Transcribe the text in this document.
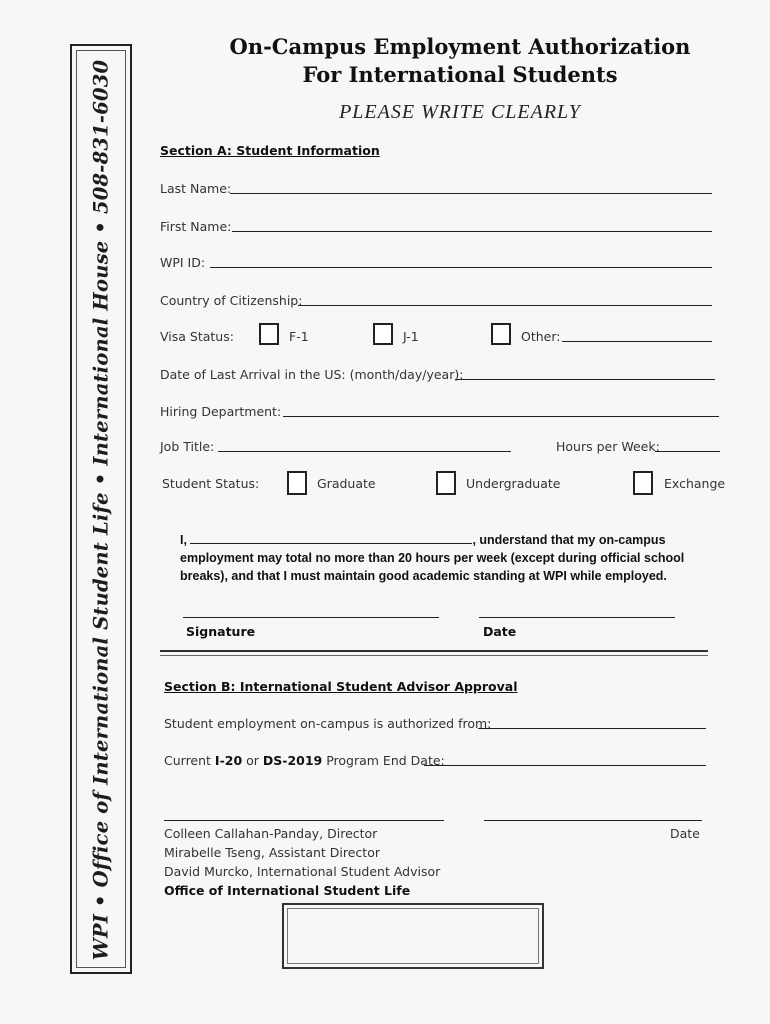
WPI • Office of International Student Life • International House • 508-831-6030
On-Campus Employment Authorization
For International Students
PLEASE WRITE CLEARLY
Section A: Student Information
Last Name:
First Name:
WPI ID:
Country of Citizenship:
Visa Status:	F-1	J-1	Other:
Date of Last Arrival in the US: (month/day/year):
Hiring Department:
Job Title:	Hours per Week:
Student Status:	Graduate	Undergraduate	Exchange
I,	, understand that my on-campus
employment may total no more than 20 hours per week (except during official school
breaks), and that I must maintain good academic standing at WPI while employed.
Signature	Date
Section B: International Student Advisor Approval
Student employment on-campus is authorized from:
Current I-20 or DS-2019 Program End Date:
Colleen Callahan-Panday, Director	Date
Mirabelle Tseng, Assistant Director
David Murcko, International Student Advisor
Office of International Student Life
